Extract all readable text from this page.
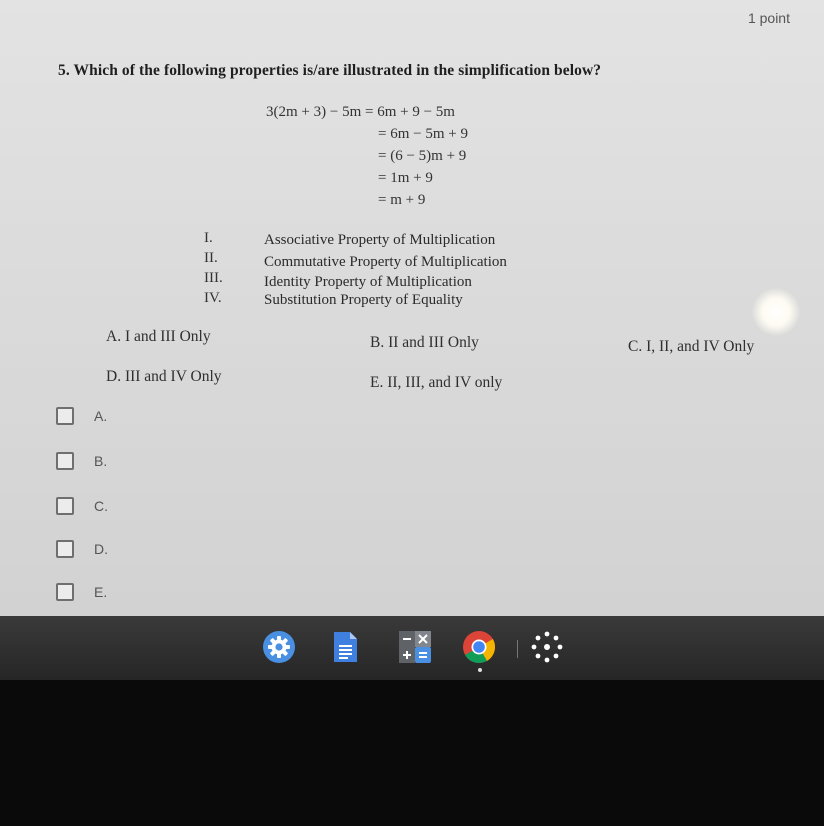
1 point
5. Which of the following properties is/are illustrated in the simplification below?
3(2m + 3) − 5m = 6m + 9 − 5m
= 6m − 5m + 9
= (6 − 5)m + 9
= 1m + 9
= m + 9
I.	Associative Property of Multiplication
II.	Commutative Property of Multiplication
III.	Identity Property of Multiplication
IV.	Substitution Property of Equality
A. I and III Only	B. II and III Only	C. I, II, and IV Only
D. III and IV Only	E. II, III, and IV only
A.
B.
C.
D.
E.
